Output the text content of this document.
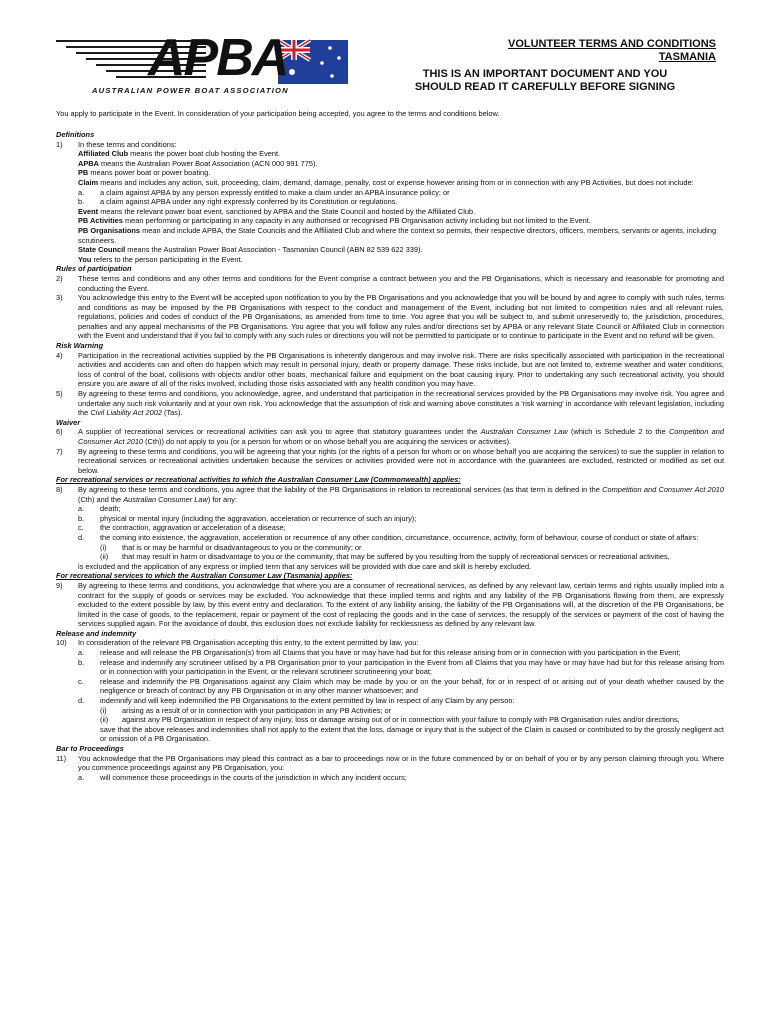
APBA
AUSTRALIAN POWER BOAT ASSOCIATION
VOLUNTEER TERMS AND CONDITIONS
TASMANIA
THIS IS AN IMPORTANT DOCUMENT AND YOU SHOULD READ IT CAREFULLY BEFORE SIGNING
You apply to participate in the Event. In consideration of your participation being accepted, you agree to the terms and conditions below.
Definitions
1) In these terms and conditions:
Affiliated Club means the power boat club hosting the Event.
APBA means the Australian Power Boat Association (ACN 000 991 775).
PB means power boat or power boating.
Claim means and includes any action, suit, proceeding, claim, demand, damage, penalty, cost or expense however arising from or in connection with any PB Activities, but does not include:
a. a claim against APBA by any person expressly entitled to make a claim under an APBA insurance policy; or
b. a claim against APBA under any right expressly conferred by its Constitution or regulations.
Event means the relevant power boat event, sanctioned by APBA and the State Council and hosted by the Affiliated Club.
PB Activities mean performing or participating in any capacity in any authorised or recognised PB Organisation activity including but not limited to the Event.
PB Organisations mean and include APBA, the State Councils and the Affiliated Club and where the context so permits, their respective directors, officers, members, servants or agents, including scrutineers.
State Council means the Australian Power Boat Association - Tasmanian Council (ABN 82 539 622 339).
You refers to the person participating in the Event.
Rules of participation
2) These terms and conditions and any other terms and conditions for the Event comprise a contract between you and the PB Organisations, which is necessary and reasonable for promoting and conducting the Event.
3) You acknowledge this entry to the Event will be accepted upon notification to you by the PB Organisations and you acknowledge that you will be bound by and agree to comply with such rules, terms and conditions as may be imposed by the PB Organisations with respect to the conduct and management of the Event, including but not limited to competition rules and all relevant rules, regulations, policies and codes of conduct of the PB Organisations, as amended from time to time. You agree that you will be subject to, and submit unreservedly to, the jurisdiction, procedures, penalties and any appeal mechanisms of the PB Organisations. You agree that you will follow any rules and/or directions set by APBA or any relevant State Council or Affiliated Club in connection with the Event and understand that if you fail to comply with any such rules or directions you will not be permitted to participate or to continue to participate in the Event and no refund will be given.
Risk Warning
4) Participation in the recreational activities supplied by the PB Organisations is inherently dangerous and may involve risk. There are risks specifically associated with participation in the recreational activities and accidents can and often do happen which may result in personal injury, death or property damage. These risks include, but are not limited to, extreme weather and water conditions, loss of control of the boat, collisions with objects and/or other boats, mechanical failure and equipment on the boat causing injury. Prior to undertaking any such recreational activity, you should ensure you are aware of all of the risks involved, including those risks associated with any health condition you may have.
5) By agreeing to these terms and conditions, you acknowledge, agree, and understand that participation in the recreational services provided by the PB Organisations may involve risk. You agree and undertake any such risk voluntarily and at your own risk. You acknowledge that the assumption of risk and warning above constitutes a 'risk warning' in accordance with relevant legislation, including the Civil Liability Act 2002 (Tas).
Waiver
6) A supplier of recreational services or recreational activities can ask you to agree that statutory guarantees under the Australian Consumer Law (which is Schedule 2 to the Competition and Consumer Act 2010 (Cth)) do not apply to you (or a person for whom or on whose behalf you are acquiring the services or activities).
7) By agreeing to these terms and conditions, you will be agreeing that your rights (or the rights of a person for whom or on whose behalf you are acquiring the services) to sue the supplier in relation to recreational services or recreational activities undertaken because the services or activities provided were not in accordance with the guarantees are excluded, restricted or modified as set out below.
For recreational services or recreational activities to which the Australian Consumer Law (Commonwealth) applies:
8) By agreeing to these terms and conditions, you agree that the liability of the PB Organisations in relation to recreational services (as that term is defined in the Competition and Consumer Act 2010 (Cth) and the Australian Consumer Law) for any:
a. death;
b. physical or mental injury (including the aggravation, acceleration or recurrence of such an injury);
c. the contraction, aggravation or acceleration of a disease;
d. the coming into existence, the aggravation, acceleration or recurrence of any other condition, circumstance, occurrence, activity, form of behaviour, course of conduct or state of affairs:
(i) that is or may be harmful or disadvantageous to you or the community; or
(ii) that may result in harm or disadvantage to you or the community, that may be suffered by you resulting from the supply of recreational services or recreational activities,
is excluded and the application of any express or implied term that any services will be provided with due care and skill is hereby excluded.
For recreational services to which the Australian Consumer Law (Tasmania) applies:
9) By agreeing to these terms and conditions, you acknowledge that where you are a consumer of recreational services, as defined by any relevant law, certain terms and rights usually implied into a contract for the supply of goods or services may be excluded. You acknowledge that these implied terms and rights and any liability of the PB Organisations flowing from them, are expressly excluded to the extent possible by law, by this event entry and declaration. To the extent of any liability arising, the liability of the PB Organisations will, at the discretion of the PB Organisations, be limited in the case of goods, to the replacement, repair or payment of the cost of replacing the goods and in the case of services, the resupply of the services or payment of the cost of having the services supplied again. For the avoidance of doubt, this exclusion does not exclude liability for recklessness as defined by any relevant law.
Release and indemnity
10) In consideration of the relevant PB Organisation accepting this entry, to the extent permitted by law, you:
a. release and will release the PB Organisation(s) from all Claims that you have or may have had but for this release arising from or in connection with you participation in the Event;
b. release and indemnify any scrutineer utilised by a PB Organisation prior to your participation in the Event from all Claims that you may have or may have had but for this release arising from or in connection with your participation in the Event, or the relevant scrutineer scrutineering your boat;
c. release and indemnify the PB Organisations against any Claim which may be made by you or on the your behalf, for or in respect of or arising out of your death whether caused by the negligence or breach of contract by any PB Organisation or in any other manner whatsoever; and
d. indemnify and will keep indemnified the PB Organisations to the extent permitted by law in respect of any Claim by any person:
(i) arising as a result of or in connection with your participation in any PB Activities; or
(ii) against any PB Organisation in respect of any injury, loss or damage arising out of or in connection with your failure to comply with PB Organisation rules and/or directions,
save that the above releases and indemnities shall not apply to the extent that the loss, damage or injury that is the subject of the Claim is caused or contributed to by the grossly negligent act or omission of a PB Organisation.
Bar to Proceedings
11) You acknowledge that the PB Organisations may plead this contract as a bar to proceedings now or in the future commenced by or on behalf of you or by any person claiming through you. Where you commence proceedings against any PB Organisation, you:
a. will commence those proceedings in the courts of the jurisdiction in which any incident occurs;
